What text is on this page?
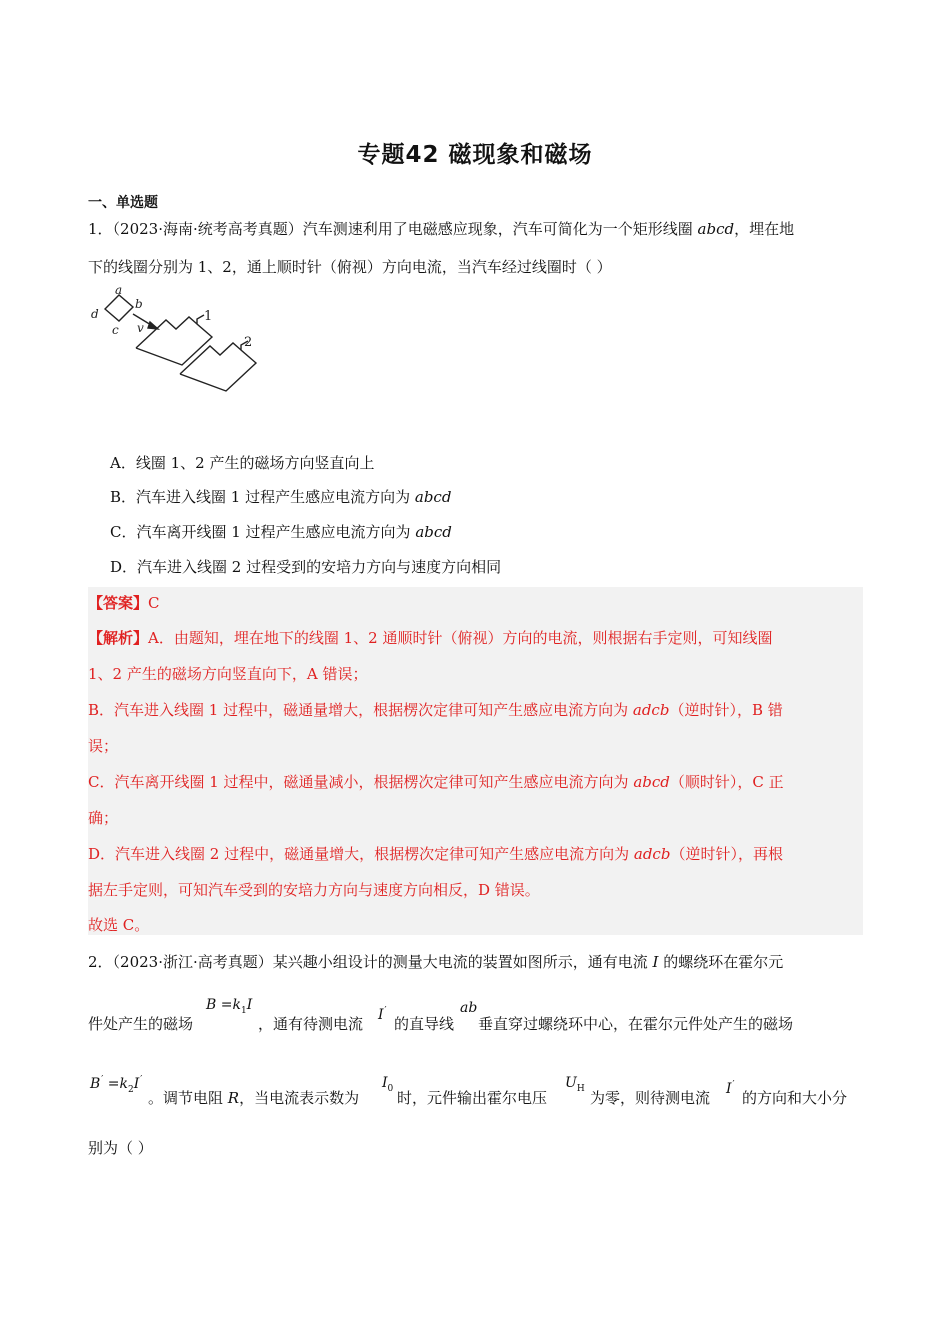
专题42 磁现象和磁场
一、单选题
1．（2023·海南·统考高考真题）汽车测速利用了电磁感应现象，汽车可简化为一个矩形线圈 abcd，埋在地
下的线圈分别为 1、2，通上顺时针（俯视）方向电流，当汽车经过线圈时（ ）
a
b
c
d
v
1
2
A．线圈 1、2 产生的磁场方向竖直向上
B．汽车进入线圈 1 过程产生感应电流方向为 abcd
C．汽车离开线圈 1 过程产生感应电流方向为 abcd
D．汽车进入线圈 2 过程受到的安培力方向与速度方向相同
【答案】C
【解析】A．由题知，埋在地下的线圈 1、2 通顺时针（俯视）方向的电流，则根据右手定则，可知线圈
1、2 产生的磁场方向竖直向下，A 错误；
B．汽车进入线圈 1 过程中，磁通量增大，根据楞次定律可知产生感应电流方向为 adcb（逆时针），B 错
误；
C．汽车离开线圈 1 过程中，磁通量减小，根据楞次定律可知产生感应电流方向为 abcd（顺时针），C 正
确；
D．汽车进入线圈 2 过程中，磁通量增大，根据楞次定律可知产生感应电流方向为 adcb（逆时针），再根
据左手定则，可知汽车受到的安培力方向与速度方向相反，D 错误。
故选 C。
2．（2023·浙江·高考真题）某兴趣小组设计的测量大电流的装置如图所示，通有电流 I 的螺绕环在霍尔元
件处产生的磁场
$B =k_1I$
，通有待测电流 I′
的直导线
ab
垂直穿过螺绕环中心，在霍尔元件处产生的磁场
$B' =k_2I'$
。调节电阻 R，当电流表示数为
$I_0$ 时，元件输出霍尔电压
$U_H$ 为零，则待测电流 I′
的方向和大小分
别为（ ）
